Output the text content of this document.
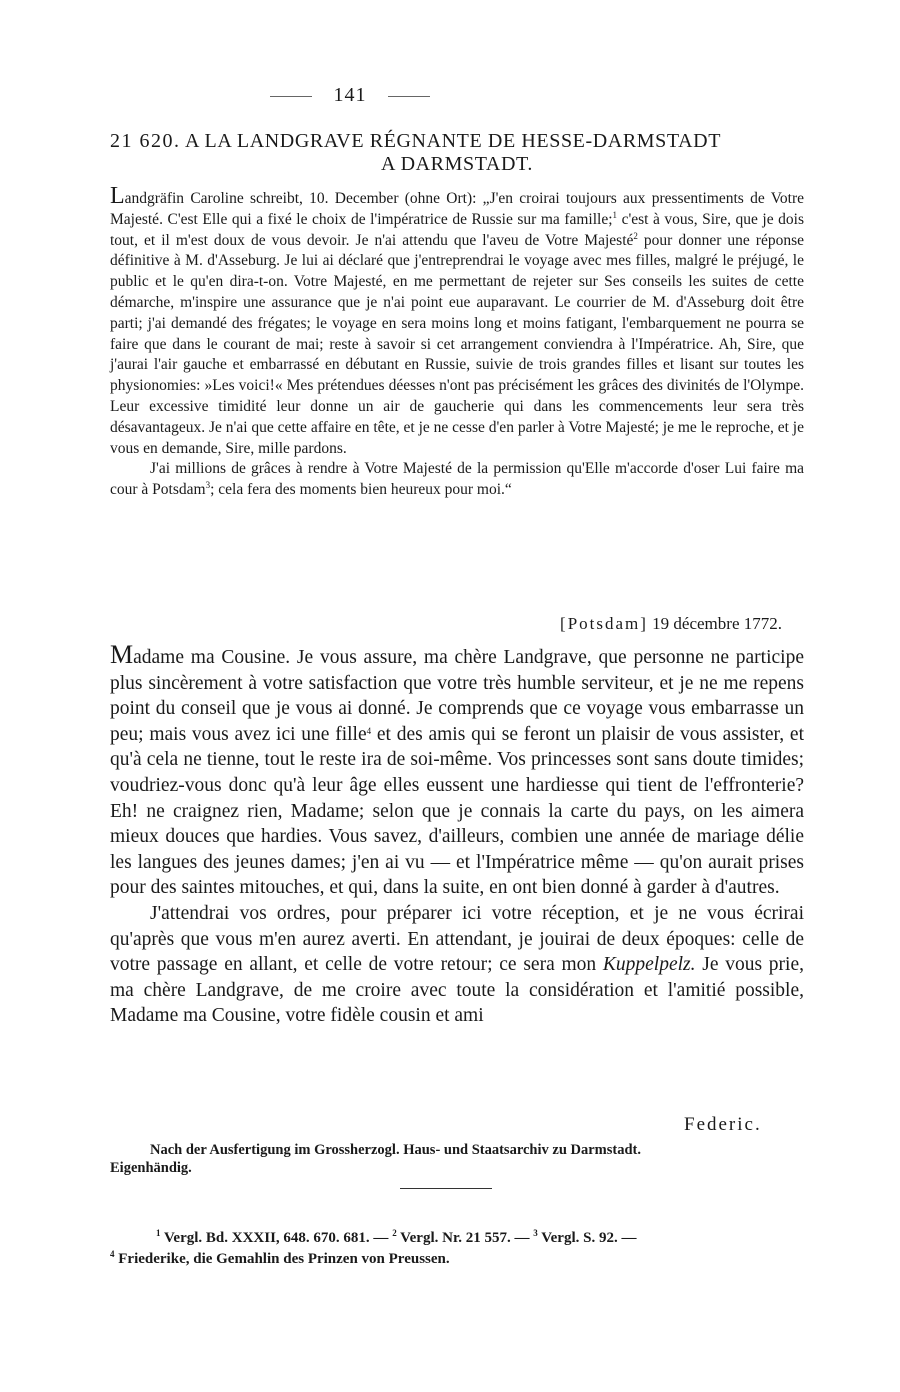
141
21 620. A LA LANDGRAVE RÉGNANTE DE HESSE-DARMSTADT
A DARMSTADT.

Landgräfin Caroline schreibt, 10. December (ohne Ort): „J'en croirai toujours aux pressentiments de Votre Majesté. C'est Elle qui a fixé le choix de l'impératrice de Russie sur ma famille;$^1$ c'est à vous, Sire, que je dois tout, et il m'est doux de vous devoir. Je n'ai attendu que l'aveu de Votre Majesté$^2$ pour donner une réponse définitive à M. d'Asseburg. Je lui ai déclaré que j'entreprendrai le voyage avec mes filles, malgré le préjugé, le public et le qu'en dira-t-on. Votre Majesté, en me permettant de rejeter sur Ses conseils les suites de cette démarche, m'inspire une assurance que je n'ai point eue auparavant. Le courrier de M. d'Asseburg doit être parti; j'ai demandé des frégates; le voyage en sera moins long et moins fatigant, l'embarquement ne pourra se faire que dans le courant de mai; reste à savoir si cet arrangement conviendra à l'Impératrice. Ah, Sire, que j'aurai l'air gauche et embarrassé en débutant en Russie, suivie de trois grandes filles et lisant sur toutes les physionomies: »Les voici!« Mes prétendues déesses n'ont pas précisément les grâces des divinités de l'Olympe. Leur excessive timidité leur donne un air de gaucherie qui dans les commencements leur sera très désavantageux. Je n'ai que cette affaire en tête, et je ne cesse d'en parler à Votre Majesté; je me le reproche, et je vous en demande, Sire, mille pardons.

J'ai millions de grâces à rendre à Votre Majesté de la permission qu'Elle m'accorde d'oser Lui faire ma cour à Potsdam$^3$; cela fera des moments bien heureux pour moi.“

[Potsdam] 19 décembre 1772.

Madame ma Cousine. Je vous assure, ma chère Landgrave, que personne ne participe plus sincèrement à votre satisfaction que votre très humble serviteur, et je ne me repens point du conseil que je vous ai donné. Je comprends que ce voyage vous embarrasse un peu; mais vous avez ici une fille$^4$ et des amis qui se feront un plaisir de vous assister, et qu'à cela ne tienne, tout le reste ira de soi-même. Vos princesses sont sans doute timides; voudriez-vous donc qu'à leur âge elles eussent une hardiesse qui tient de l'effronterie? Eh! ne craignez rien, Madame; selon que je connais la carte du pays, on les aimera mieux douces que hardies. Vous savez, d'ailleurs, combien une année de mariage délie les langues des jeunes dames; j'en ai vu — et l'Impératrice même — qu'on aurait prises pour des saintes mitouches, et qui, dans la suite, en ont bien donné à garder à d'autres.

J'attendrai vos ordres, pour préparer ici votre réception, et je ne vous écrirai qu'après que vous m'en aurez averti. En attendant, je jouirai de deux époques: celle de votre passage en allant, et celle de votre retour; ce sera mon Kuppelpelz. Je vous prie, ma chère Landgrave, de me croire avec toute la considération et l'amitié possible, Madame ma Cousine, votre fidèle cousin et ami

Federic.

Nach der Ausfertigung im Grossherzogl. Haus- und Staatsarchiv zu Darmstadt.

Eigenhändig.

$^1$ Vergl. Bd. XXXII, 648. 670. 681. — $^2$ Vergl. Nr. 21 557. — $^3$ Vergl. S. 92. —

$^4$ Friederike, die Gemahlin des Prinzen von Preussen.
